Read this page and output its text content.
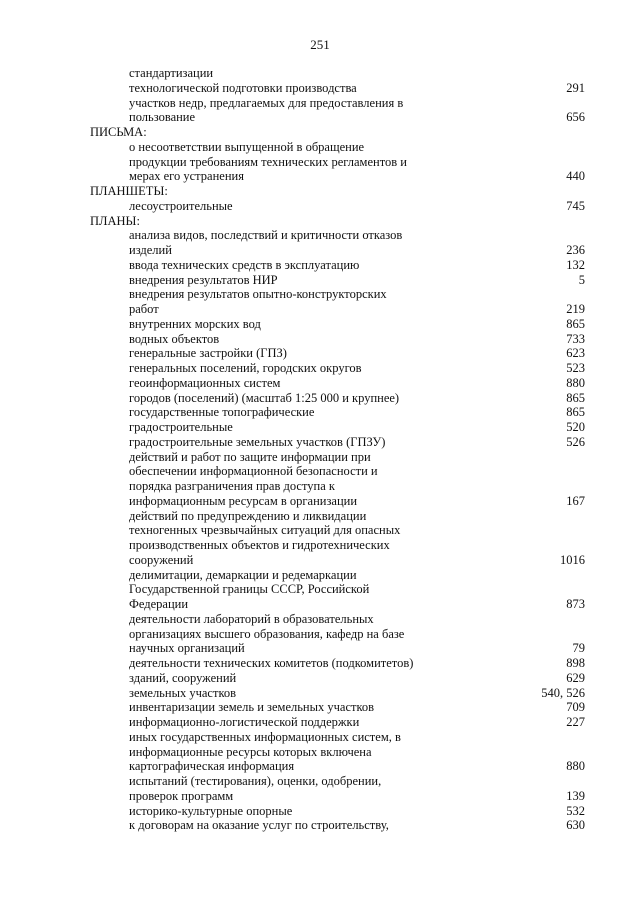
251
стандартизации
технологической подготовки производства	291
участков недр, предлагаемых для предоставления в
пользование	656
ПИСЬМА:
о несоответствии выпущенной в обращение
продукции требованиям технических регламентов и
мерах его устранения	440
ПЛАНШЕТЫ:
лесоустроительные	745
ПЛАНЫ:
анализа видов, последствий и критичности отказов
изделий	236
ввода технических средств в эксплуатацию	132
внедрения результатов НИР	5
внедрения результатов опытно-конструкторских
работ	219
внутренних морских вод	865
водных объектов	733
генеральные застройки (ГПЗ)	623
генеральных поселений, городских округов	523
геоинформационных систем	880
городов (поселений) (масштаб 1:25 000 и крупнее)	865
государственные топографические	865
градостроительные	520
градостроительные земельных участков (ГПЗУ)	526
действий и работ по защите информации при
обеспечении информационной безопасности и
порядка разграничения прав доступа к
информационным ресурсам в организации	167
действий по предупреждению и ликвидации
техногенных чрезвычайных ситуаций для опасных
производственных объектов и гидротехнических
сооружений	1016
делимитации, демаркации и редемаркации
Государственной границы СССР, Российской
Федерации	873
деятельности лабораторий в образовательных
организациях высшего образования, кафедр на базе
научных организаций	79
деятельности технических комитетов (подкомитетов)	898
зданий, сооружений	629
земельных участков	540, 526
инвентаризации земель и земельных участков	709
информационно-логистической поддержки	227
иных государственных информационных систем, в
информационные ресурсы которых включена
картографическая информация	880
испытаний (тестирования), оценки, одобрении,
проверок программ	139
историко-культурные опорные	532
к договорам на оказание услуг по строительству,	630
